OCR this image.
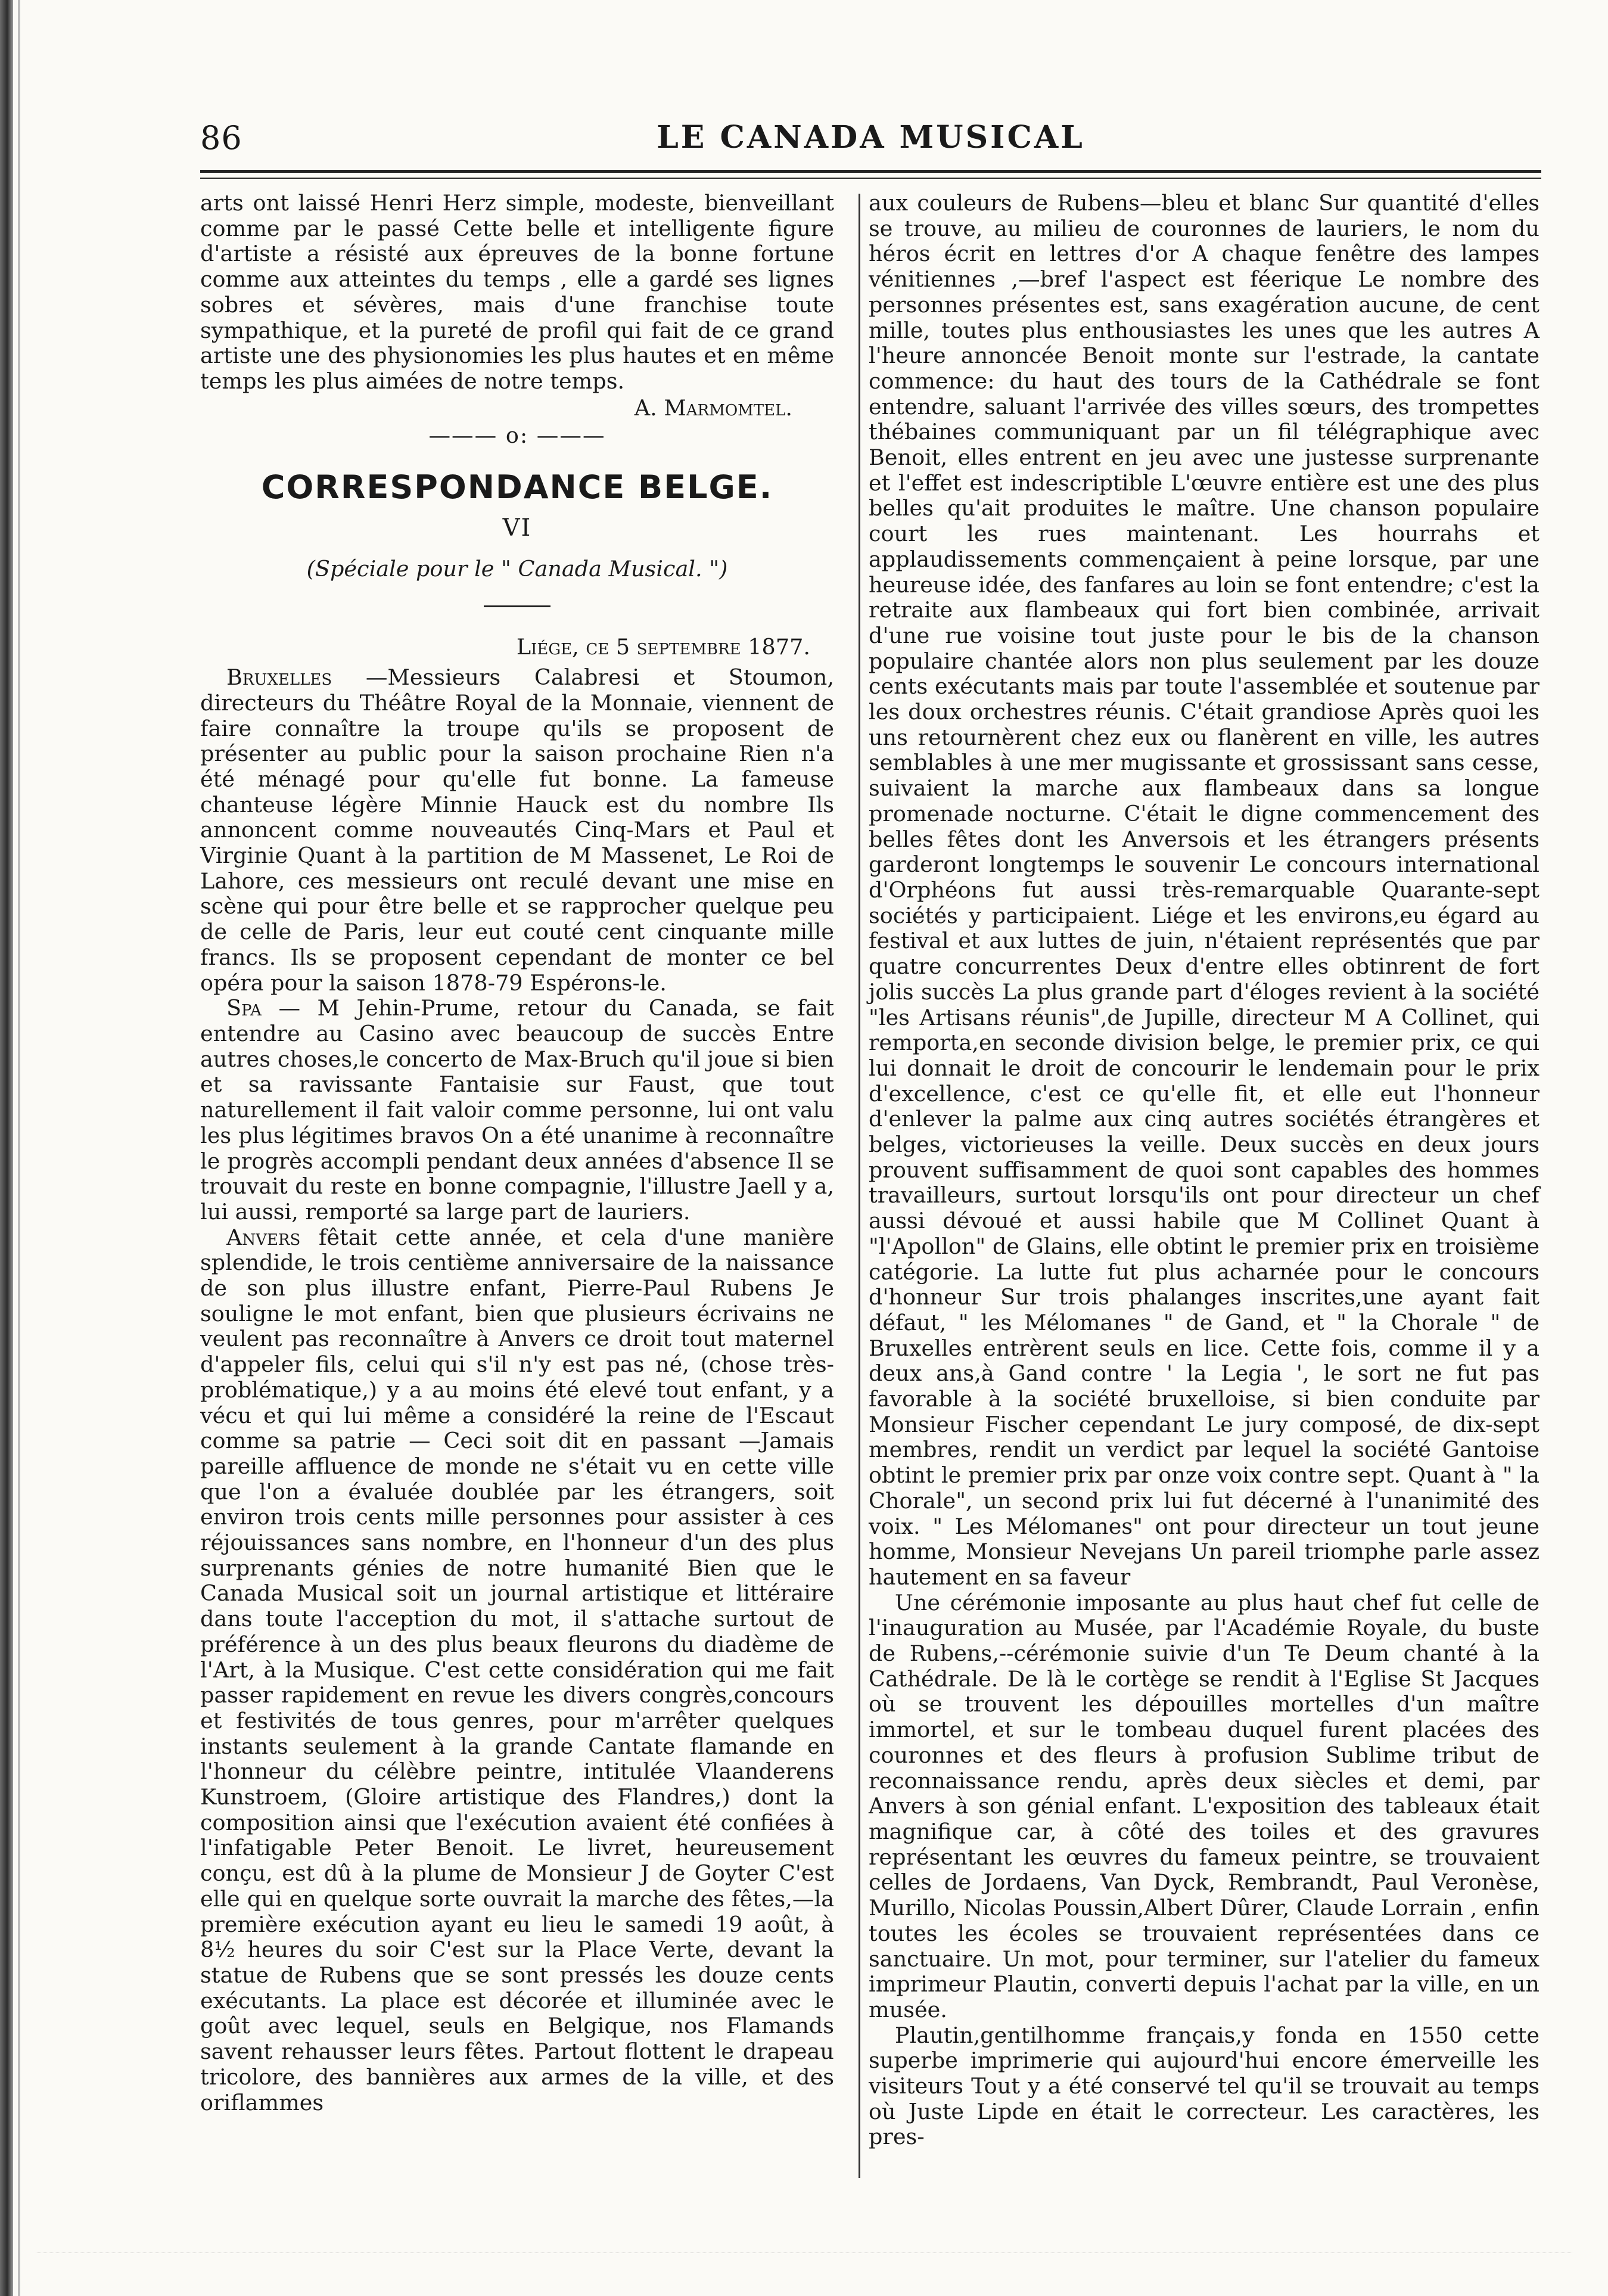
86	LE CANADA MUSICAL

arts ont laissé Henri Herz simple, modeste, bienveillant comme par le passé Cette belle et intelligente figure d'artiste a résisté aux épreuves de la bonne fortune comme aux atteintes du temps , elle a gardé ses lignes sobres et sévères, mais d'une franchise toute sympathique, et la pureté de profil qui fait de ce grand artiste une des physionomies les plus hautes et en même temps les plus aimées de notre temps.

A. Marmomtel.
——— o: ———
CORRESPONDANCE BELGE.
VI
(Spéciale pour le " Canada Musical. ")
Liége, ce 5 septembre 1877.

Bruxelles —Messieurs Calabresi et Stoumon, directeurs du Théâtre Royal de la Monnaie, viennent de faire connaître la troupe qu'ils se proposent de présenter au public pour la saison prochaine Rien n'a été ménagé pour qu'elle fut bonne. La fameuse chanteuse légère Minnie Hauck est du nombre Ils annoncent comme nouveautés Cinq-Mars et Paul et Virginie Quant à la partition de M Massenet, Le Roi de Lahore, ces messieurs ont reculé devant une mise en scène qui pour être belle et se rapprocher quelque peu de celle de Paris, leur eut couté cent cinquante mille francs. Ils se proposent cependant de monter ce bel opéra pour la saison 1878-79 Espérons-le.

Spa — M Jehin-Prume, retour du Canada, se fait entendre au Casino avec beaucoup de succès Entre autres choses,le concerto de Max-Bruch qu'il joue si bien et sa ravissante Fantaisie sur Faust, que tout naturellement il fait valoir comme personne, lui ont valu les plus légitimes bravos On a été unanime à reconnaître le progrès accompli pendant deux années d'absence Il se trouvait du reste en bonne compagnie, l'illustre Jaell y a, lui aussi, remporté sa large part de lauriers.

Anvers fêtait cette année, et cela d'une manière splendide, le trois centième anniversaire de la naissance de son plus illustre enfant, Pierre-Paul Rubens Je souligne le mot enfant, bien que plusieurs écrivains ne veulent pas reconnaître à Anvers ce droit tout maternel d'appeler fils, celui qui s'il n'y est pas né, (chose très-problématique,) y a au moins été elevé tout enfant, y a vécu et qui lui même a considéré la reine de l'Escaut comme sa patrie — Ceci soit dit en passant —Jamais pareille affluence de monde ne s'était vu en cette ville que l'on a évaluée doublée par les étrangers, soit environ trois cents mille personnes pour assister à ces réjouissances sans nombre, en l'honneur d'un des plus surprenants génies de notre humanité Bien que le Canada Musical soit un journal artistique et littéraire dans toute l'acception du mot, il s'attache surtout de préférence à un des plus beaux fleurons du diadème de l'Art, à la Musique. C'est cette considération qui me fait passer rapidement en revue les divers congrès,concours et festivités de tous genres, pour m'arrêter quelques instants seulement à la grande Cantate flamande en l'honneur du célèbre peintre, intitulée Vlaanderens Kunstroem, (Gloire artistique des Flandres,) dont la composition ainsi que l'exécution avaient été confiées à l'infatigable Peter Benoit. Le livret, heureusement conçu, est dû à la plume de Monsieur J de Goyter C'est elle qui en quelque sorte ouvrait la marche des fêtes,—la première exécution ayant eu lieu le samedi 19 août, à 8½ heures du soir C'est sur la Place Verte, devant la statue de Rubens que se sont pressés les douze cents exécutants. La place est décorée et illuminée avec le goût avec lequel, seuls en Belgique, nos Flamands savent rehausser leurs fêtes. Partout flottent le drapeau tricolore, des bannières aux armes de la ville, et des oriflammes

aux couleurs de Rubens—bleu et blanc Sur quantité d'elles se trouve, au milieu de couronnes de lauriers, le nom du héros écrit en lettres d'or A chaque fenêtre des lampes vénitiennes ,—bref l'aspect est féerique Le nombre des personnes présentes est, sans exagération aucune, de cent mille, toutes plus enthousiastes les unes que les autres A l'heure annoncée Benoit monte sur l'estrade, la cantate commence: du haut des tours de la Cathédrale se font entendre, saluant l'arrivée des villes sœurs, des trompettes thébaines communiquant par un fil télégraphique avec Benoit, elles entrent en jeu avec une justesse surprenante et l'effet est indescriptible L'œuvre entière est une des plus belles qu'ait produites le maître. Une chanson populaire court les rues maintenant. Les hourrahs et applaudissements commençaient à peine lorsque, par une heureuse idée, des fanfares au loin se font entendre; c'est la retraite aux flambeaux qui fort bien combinée, arrivait d'une rue voisine tout juste pour le bis de la chanson populaire chantée alors non plus seulement par les douze cents exécutants mais par toute l'assemblée et soutenue par les doux orchestres réunis. C'était grandiose Après quoi les uns retournèrent chez eux ou flanèrent en ville, les autres semblables à une mer mugissante et grossissant sans cesse, suivaient la marche aux flambeaux dans sa longue promenade nocturne. C'était le digne commencement des belles fêtes dont les Anversois et les étrangers présents garderont longtemps le souvenir Le concours international d'Orphéons fut aussi très-remarquable Quarante-sept sociétés y participaient. Liége et les environs,eu égard au festival et aux luttes de juin, n'étaient représentés que par quatre concurrentes Deux d'entre elles obtinrent de fort jolis succès La plus grande part d'éloges revient à la société "les Artisans réunis",de Jupille, directeur M A Collinet, qui remporta,en seconde division belge, le premier prix, ce qui lui donnait le droit de concourir le lendemain pour le prix d'excellence, c'est ce qu'elle fit, et elle eut l'honneur d'enlever la palme aux cinq autres sociétés étrangères et belges, victorieuses la veille. Deux succès en deux jours prouvent suffisamment de quoi sont capables des hommes travailleurs, surtout lorsqu'ils ont pour directeur un chef aussi dévoué et aussi habile que M Collinet Quant à "l'Apollon" de Glains, elle obtint le premier prix en troisième catégorie. La lutte fut plus acharnée pour le concours d'honneur Sur trois phalanges inscrites,une ayant fait défaut, " les Mélomanes " de Gand, et " la Chorale " de Bruxelles entrèrent seuls en lice. Cette fois, comme il y a deux ans,à Gand contre ' la Legia ', le sort ne fut pas favorable à la société bruxelloise, si bien conduite par Monsieur Fischer cependant Le jury composé, de dix-sept membres, rendit un verdict par lequel la société Gantoise obtint le premier prix par onze voix contre sept. Quant à " la Chorale", un second prix lui fut décerné à l'unanimité des voix. " Les Mélomanes" ont pour directeur un tout jeune homme, Monsieur Nevejans Un pareil triomphe parle assez hautement en sa faveur

Une cérémonie imposante au plus haut chef fut celle de l'inauguration au Musée, par l'Académie Royale, du buste de Rubens,--cérémonie suivie d'un Te Deum chanté à la Cathédrale. De là le cortège se rendit à l'Eglise St Jacques où se trouvent les dépouilles mortelles d'un maître immortel, et sur le tombeau duquel furent placées des couronnes et des fleurs à profusion Sublime tribut de reconnaissance rendu, après deux siècles et demi, par Anvers à son génial enfant. L'exposition des tableaux était magnifique car, à côté des toiles et des gravures représentant les œuvres du fameux peintre, se trouvaient celles de Jordaens, Van Dyck, Rembrandt, Paul Veronèse, Murillo, Nicolas Poussin,Albert Dûrer, Claude Lorrain , enfin toutes les écoles se trouvaient représentées dans ce sanctuaire. Un mot, pour terminer, sur l'atelier du fameux imprimeur Plautin, converti depuis l'achat par la ville, en un musée.

Plautin,gentilhomme français,y fonda en 1550 cette superbe imprimerie qui aujourd'hui encore émerveille les visiteurs Tout y a été conservé tel qu'il se trouvait au temps où Juste Lipde en était le correcteur. Les caractères, les pres-
